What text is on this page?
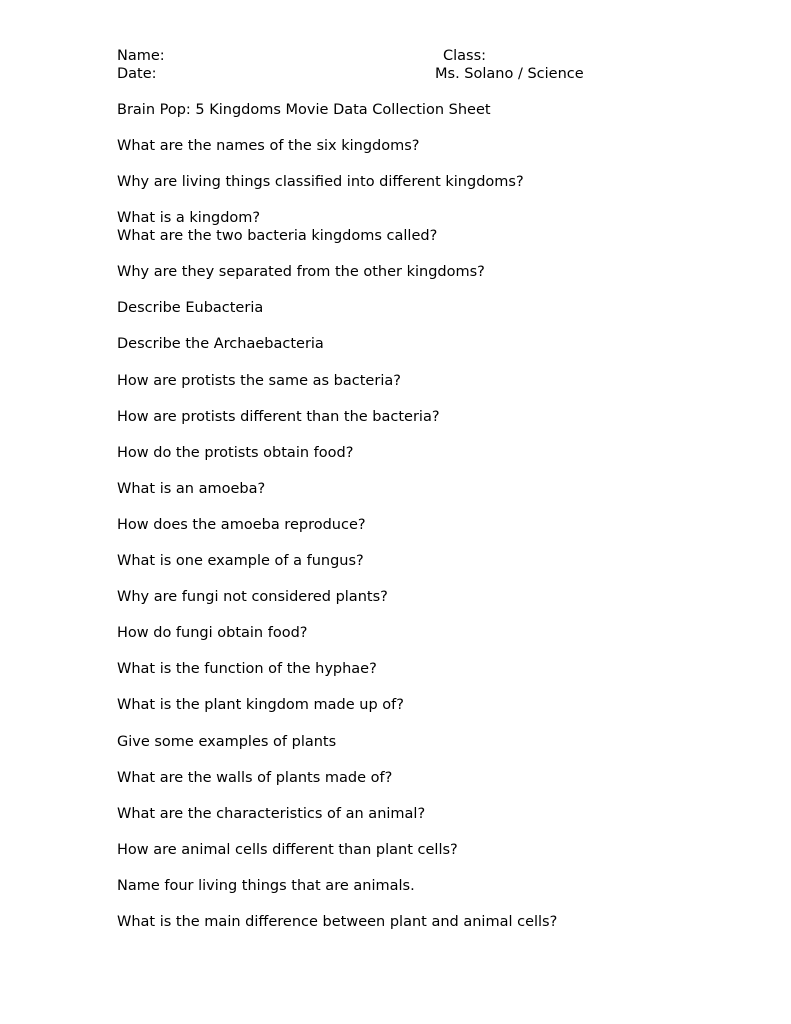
Name:
Date:
Class:
Ms. Solano / Science
Brain Pop: 5 Kingdoms Movie Data Collection Sheet
What are the names of the six kingdoms?
Why are living things classified into different kingdoms?
What is a kingdom?
What are the two bacteria kingdoms called?
Why are they separated from the other kingdoms?
Describe Eubacteria
Describe the Archaebacteria
How are protists the same as bacteria?
How are protists different than the bacteria?
How do the protists obtain food?
What is an amoeba?
How does the amoeba reproduce?
What is one example of a fungus?
Why are fungi not considered plants?
How do fungi obtain food?
What is the function of the hyphae?
What is the plant kingdom made up of?
Give some examples of plants
What are the walls of plants made of?
What are the characteristics of an animal?
How are animal cells different than plant cells?
Name four living things that are animals.
What is the main difference between plant and animal cells?
